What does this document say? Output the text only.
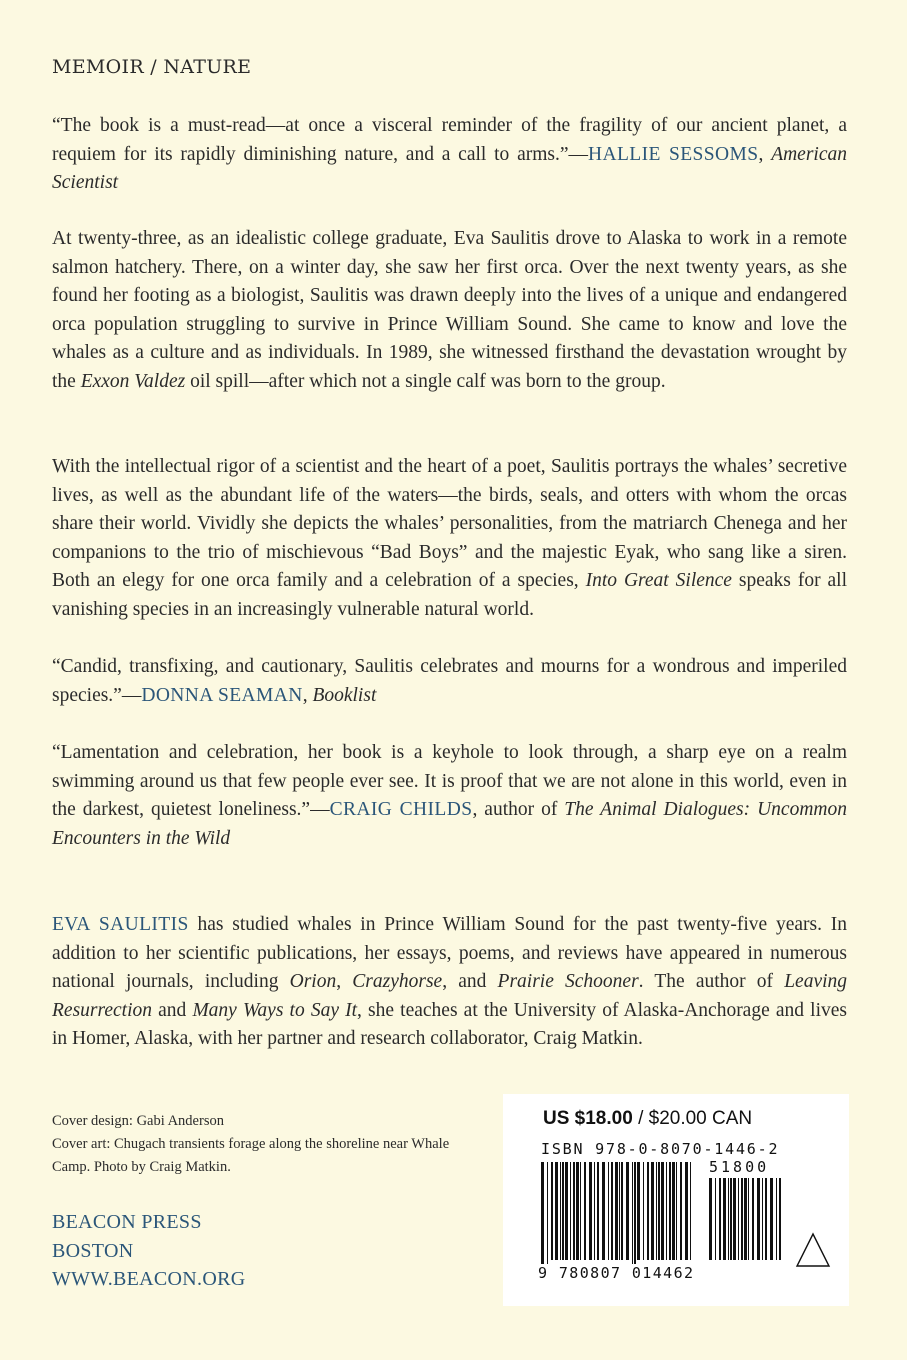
MEMOIR / NATURE
“The book is a must-read—at once a visceral reminder of the fragility of our ancient planet, a requiem for its rapidly diminishing nature, and a call to arms.”—HALLIE SESSOMS, American Scientist
At twenty-three, as an idealistic college graduate, Eva Saulitis drove to Alaska to work in a remote salmon hatchery. There, on a winter day, she saw her first orca. Over the next twenty years, as she found her footing as a biologist, Saulitis was drawn deeply into the lives of a unique and endangered orca population struggling to survive in Prince William Sound. She came to know and love the whales as a culture and as individuals. In 1989, she witnessed firsthand the devastation wrought by the Exxon Valdez oil spill—after which not a single calf was born to the group.
With the intellectual rigor of a scientist and the heart of a poet, Saulitis portrays the whales’ secretive lives, as well as the abundant life of the waters—the birds, seals, and otters with whom the orcas share their world. Vividly she depicts the whales’ personalities, from the matriarch Chenega and her companions to the trio of mischievous “Bad Boys” and the majestic Eyak, who sang like a siren. Both an elegy for one orca family and a celebration of a species, Into Great Silence speaks for all vanishing species in an increasingly vulnerable natural world.
“Candid, transfixing, and cautionary, Saulitis celebrates and mourns for a wondrous and imperiled species.”—DONNA SEAMAN, Booklist
“Lamentation and celebration, her book is a keyhole to look through, a sharp eye on a realm swimming around us that few people ever see. It is proof that we are not alone in this world, even in the darkest, quietest loneliness.”—CRAIG CHILDS, author of The Animal Dialogues: Uncommon Encounters in the Wild
EVA SAULITIS has studied whales in Prince William Sound for the past twenty-five years. In addition to her scientific publications, her essays, poems, and reviews have appeared in numerous national journals, including Orion, Crazyhorse, and Prairie Schooner. The author of Leaving Resurrection and Many Ways to Say It, she teaches at the University of Alaska-Anchorage and lives in Homer, Alaska, with her partner and research collaborator, Craig Matkin.
Cover design: Gabi Anderson
Cover art: Chugach transients forage along the shoreline near Whale Camp. Photo by Craig Matkin.
BEACON PRESS
BOSTON
WWW.BEACON.ORG
US $18.00 / $20.00 CAN
ISBN 978-0-8070-1446-2
51800
9 780807 014462
